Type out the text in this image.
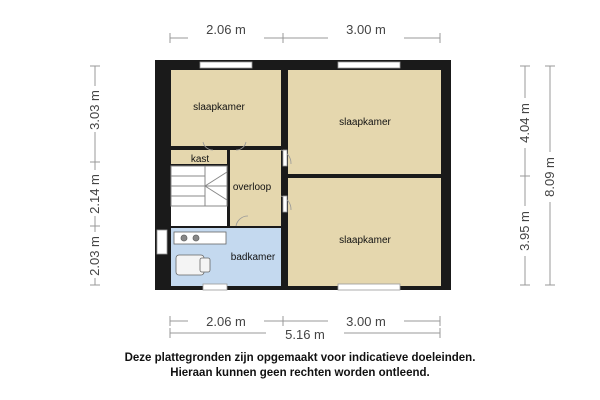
2.06 m	3.00 m
3.03 m
2.14 m
2.03 m
4.04 m
3.95 m
8.09 m
2.06 m	3.00 m
5.16 m
slaapkamer
kast
overloop
badkamer
slaapkamer
slaapkamer
Deze plattegronden zijn opgemaakt voor indicatieve doeleinden.
Hieraan kunnen geen rechten worden ontleend.
